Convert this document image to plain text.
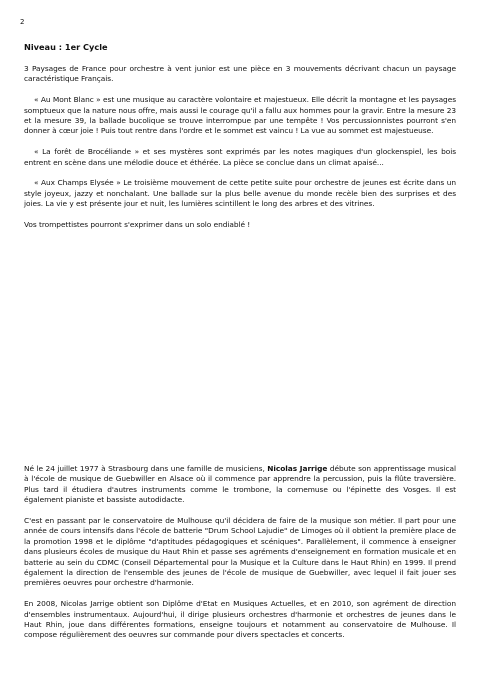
2
Niveau : 1er Cycle

3 Paysages de France pour orchestre à vent junior est une pièce en 3 mouvements décrivant chacun un paysage caractéristique Français.

« Au Mont Blanc » est une musique au caractère volontaire et majestueux. Elle décrit la montagne et les paysages somptueux que la nature nous offre, mais aussi le courage qu'il a fallu aux hommes pour la gravir. Entre la mesure 23 et la mesure 39, la ballade bucolique se trouve interrompue par une tempête ! Vos percussionnistes pourront s'en donner à cœur joie ! Puis tout rentre dans l'ordre et le sommet est vaincu ! La vue au sommet est majestueuse.

« La forêt de Brocéliande » et ses mystères sont exprimés par les notes magiques d'un glockenspiel, les bois entrent en scène dans une mélodie douce et éthérée. La pièce se conclue dans un climat apaisé...

« Aux Champs Elysée » Le troisième mouvement de cette petite suite pour orchestre de jeunes est écrite dans un style joyeux, jazzy et nonchalant. Une ballade sur la plus belle avenue du monde recèle bien des surprises et des joies. La vie y est présente jour et nuit, les lumières scintillent le long des arbres et des vitrines.

Vos trompettistes pourront s'exprimer dans un solo endiablé !

Né le 24 juillet 1977 à Strasbourg dans une famille de musiciens, Nicolas Jarrige débute son apprentissage musical à l'école de musique de Guebwiller en Alsace où il commence par apprendre la percussion, puis la flûte traversière. Plus tard il étudiera d'autres instruments comme le trombone, la cornemuse ou l'épinette des Vosges. Il est également pianiste et bassiste autodidacte.

C'est en passant par le conservatoire de Mulhouse qu'il décidera de faire de la musique son métier. Il part pour une année de cours intensifs dans l'école de batterie "Drum School Lajudie" de Limoges où il obtient la première place de la promotion 1998 et le diplôme "d'aptitudes pédagogiques et scéniques". Parallèlement, il commence à enseigner dans plusieurs écoles de musique du Haut Rhin et passe ses agréments d'enseignement en formation musicale et en batterie au sein du CDMC (Conseil Départemental pour la Musique et la Culture dans le Haut Rhin) en 1999. Il prend également la direction de l'ensemble des jeunes de l'école de musique de Guebwiller, avec lequel il fait jouer ses premières oeuvres pour orchestre d'harmonie.

En 2008, Nicolas Jarrige obtient son Diplôme d'Etat en Musiques Actuelles, et en 2010, son agrément de direction d'ensembles instrumentaux. Aujourd'hui, il dirige plusieurs orchestres d'harmonie et orchestres de jeunes dans le Haut Rhin, joue dans différentes formations, enseigne toujours et notamment au conservatoire de Mulhouse. Il compose régulièrement des oeuvres sur commande pour divers spectacles et concerts.
